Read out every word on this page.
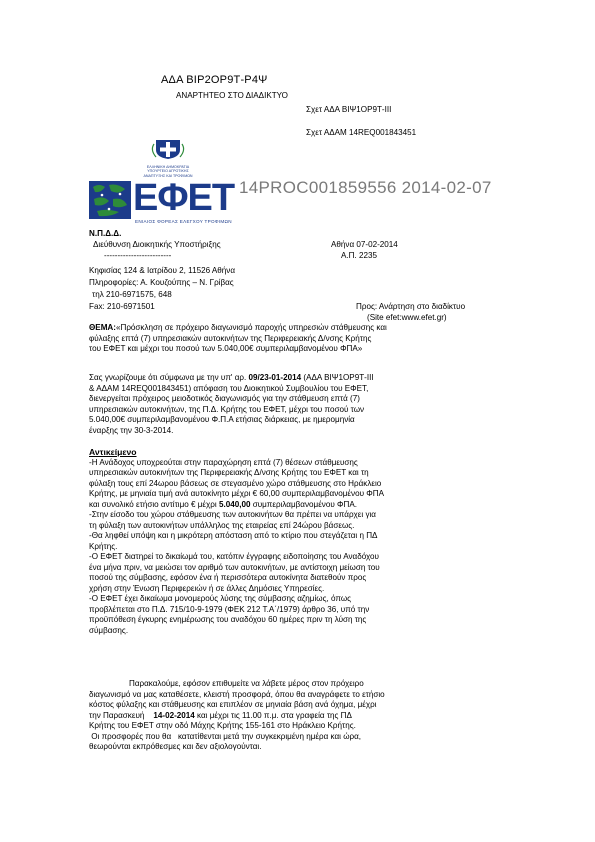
ΑΔΑ ΒΙΡ2ΟΡ9Τ-Ρ4Ψ
ΑΝΑΡΤΗΤΕΟ ΣΤΟ ΔΙΑΔΙΚΤΥΟ
Σχετ ΑΔΑ ΒΙΨ1ΟΡ9Τ-ΙΙΙ
Σχετ ΑΔΑΜ 14REQ001843451
ΕΛΛΗΝΙΚΗ ΔΗΜΟΚΡΑΤΙΑ
ΥΠΟΥΡΓΕΙΟ ΑΓΡΟΤΙΚΗΣ
ΑΝΑΠΤΥΞΗΣ ΚΑΙ ΤΡΟΦΙΜΩΝ
ΕΦΕΤ
ΕΝΙΑΙΟΣ ΦΟΡΕΑΣ ΕΛΕΓΧΟΥ ΤΡΟΦΙΜΩΝ
14PROC001859556 2014-02-07
Ν.Π.Δ.Δ.
Διεύθυνση Διοικητικής Υποστήριξης	Αθήνα 07-02-2014
-------------------------	Α.Π. 2235
Κηφισίας 124 & Ιατρίδου 2, 11526 Αθήνα
Πληροφορίες: Α. Κουζούπης – Ν. Γρίβας
τηλ 210-6971575, 648
Fax: 210-6971501	Προς: Ανάρτηση στο διαδίκτυο
(Site efet:www.efet.gr)
ΘΕΜΑ:«Πρόσκληση σε πρόχειρο διαγωνισμό παροχής υπηρεσιών στάθμευσης και
φύλαξης επτά (7) υπηρεσιακών αυτοκινήτων της Περιφερειακής Δ/νσης Κρήτης
του ΕΦΕΤ και μέχρι του ποσού των 5.040,00€ συμπεριλαμβανομένου ΦΠΑ»
Σας γνωρίζουμε ότι σύμφωνα με την υπ' αρ. 09/23-01-2014 (ΑΔΑ ΒΙΨ1ΟΡ9Τ-ΙΙΙ
& ΑΔΑΜ 14REQ001843451) απόφαση του Διοικητικού Συμβουλίου του ΕΦΕΤ,
διενεργείται πρόχειρος μειοδοτικός διαγωνισμός για την στάθμευση επτά (7)
υπηρεσιακών αυτοκινήτων, της Π.Δ. Κρήτης του ΕΦΕΤ, μέχρι του ποσού των
5.040,00€ συμπεριλαμβανομένου Φ.Π.Α ετήσιας διάρκειας, με ημερομηνία
έναρξης την 30-3-2014.
Αντικείμενο
-Η Ανάδοχος υποχρεούται στην παραχώρηση επτά (7) θέσεων στάθμευσης
υπηρεσιακών αυτοκινήτων της Περιφερειακής Δ/νσης Κρήτης του ΕΦΕΤ και τη
φύλαξη τους επί 24ωρου βάσεως σε στεγασμένο χώρο στάθμευσης στο Ηράκλειο
Κρήτης, με μηνιαία τιμή ανά αυτοκίνητο μέχρι € 60,00 συμπεριλαμβανομένου ΦΠΑ
και συνολικό ετήσιο αντίτιμο € μέχρι 5.040,00 συμπεριλαμβανομένου ΦΠΑ.
-Στην είσοδο του χώρου στάθμευσης των αυτοκινήτων θα πρέπει να υπάρχει για
τη φύλαξη των αυτοκινήτων υπάλληλος της εταιρείας επί 24ώρου βάσεως.
-Θα ληφθεί υπόψη και η μικρότερη απόσταση από το κτίριο που στεγάζεται η ΠΔ
Κρήτης.
-Ο ΕΦΕΤ διατηρεί το δικαίωμά του, κατόπιν έγγραφης ειδοποίησης του Αναδόχου
ένα μήνα πριν, να μειώσει τον αριθμό των αυτοκινήτων, με αντίστοιχη μείωση του
ποσού της σύμβασης, εφόσον ένα ή περισσότερα αυτοκίνητα διατεθούν προς
χρήση στην Ένωση Περιφερειών ή σε άλλες Δημόσιες Υπηρεσίες.
-Ο ΕΦΕΤ έχει δικαίωμα μονομερούς λύσης της σύμβασης αζημίως, όπως
προβλέπεται στο Π.Δ. 715/10-9-1979 (ΦΕΚ 212 Τ.Α΄/1979) άρθρο 36, υπό την
προϋπόθεση έγκυρης ενημέρωσης του αναδόχου 60 ημέρες πριν τη λύση της
σύμβασης.
Παρακαλούμε, εφόσον επιθυμείτε να λάβετε μέρος στον πρόχειρο
διαγωνισμό να μας καταθέσετε, κλειστή προσφορά, όπου θα αναγράφετε το ετήσιο
κόστος φύλαξης και στάθμευσης και επιπλέον σε μηνιαία βάση ανά όχημα, μέχρι
την Παρασκευή    14-02-2014 και μέχρι τις 11.00 π.μ. στα γραφεία της ΠΔ
Κρήτης του ΕΦΕΤ στην οδό Μάχης Κρήτης 155-161 στο Ηράκλειο Κρήτης.
Οι προσφορές που θα   κατατίθενται μετά την συγκεκριμένη ημέρα και ώρα,
θεωρούνται εκπρόθεσμες και δεν αξιολογούνται.
